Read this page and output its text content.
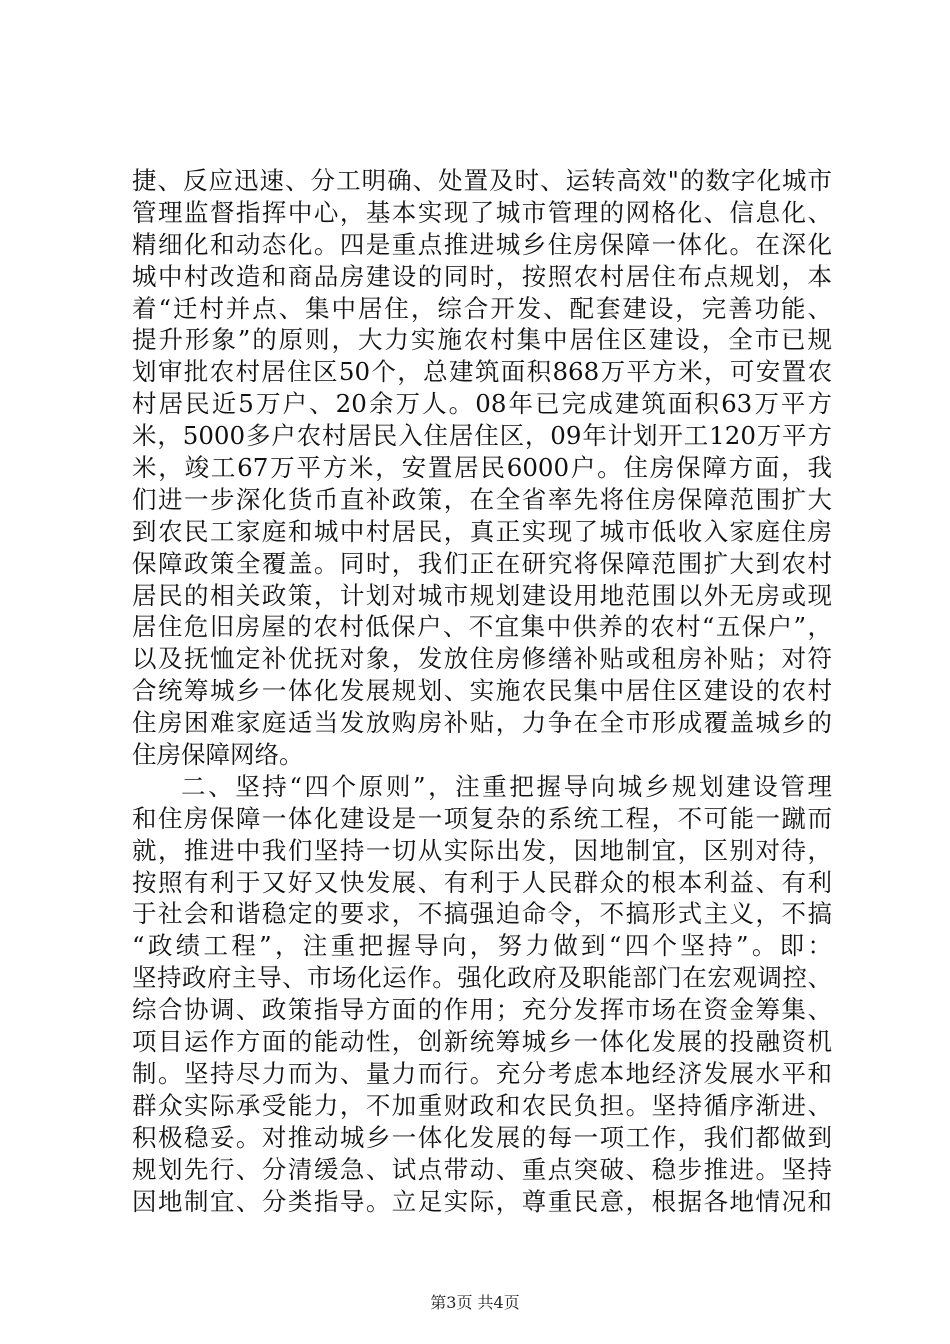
捷、反应迅速、分工明确、处置及时、运转高效"的数字化城市
管理监督指挥中心，基本实现了城市管理的网格化、信息化、
精细化和动态化。四是重点推进城乡住房保障一体化。在深化
城中村改造和商品房建设的同时，按照农村居住布点规划，本
着“迁村并点、集中居住，综合开发、配套建设，完善功能、
提升形象”的原则，大力实施农村集中居住区建设，全市已规
划审批农村居住区50个，总建筑面积868万平方米，可安置农
村居民近5万户、20余万人。08年已完成建筑面积63万平方
米，5000多户农村居民入住居住区，09年计划开工120万平方
米，竣工67万平方米，安置居民6000户。住房保障方面，我
们进一步深化货币直补政策，在全省率先将住房保障范围扩大
到农民工家庭和城中村居民，真正实现了城市低收入家庭住房
保障政策全覆盖。同时，我们正在研究将保障范围扩大到农村
居民的相关政策，计划对城市规划建设用地范围以外无房或现
居住危旧房屋的农村低保户、不宜集中供养的农村“五保户”，
以及抚恤定补优抚对象，发放住房修缮补贴或租房补贴；对符
合统筹城乡一体化发展规划、实施农民集中居住区建设的农村
住房困难家庭适当发放购房补贴，力争在全市形成覆盖城乡的
住房保障网络。
二、坚持“四个原则”，注重把握导向城乡规划建设管理
和住房保障一体化建设是一项复杂的系统工程，不可能一蹴而
就，推进中我们坚持一切从实际出发，因地制宜，区别对待，
按照有利于又好又快发展、有利于人民群众的根本利益、有利
于社会和谐稳定的要求，不搞强迫命令，不搞形式主义，不搞
“政绩工程”，注重把握导向，努力做到“四个坚持”。即：
坚持政府主导、市场化运作。强化政府及职能部门在宏观调控、
综合协调、政策指导方面的作用；充分发挥市场在资金筹集、
项目运作方面的能动性，创新统筹城乡一体化发展的投融资机
制。坚持尽力而为、量力而行。充分考虑本地经济发展水平和
群众实际承受能力，不加重财政和农民负担。坚持循序渐进、
积极稳妥。对推动城乡一体化发展的每一项工作，我们都做到
规划先行、分清缓急、试点带动、重点突破、稳步推进。坚持
因地制宜、分类指导。立足实际，尊重民意，根据各地情况和
第3页 共4页
